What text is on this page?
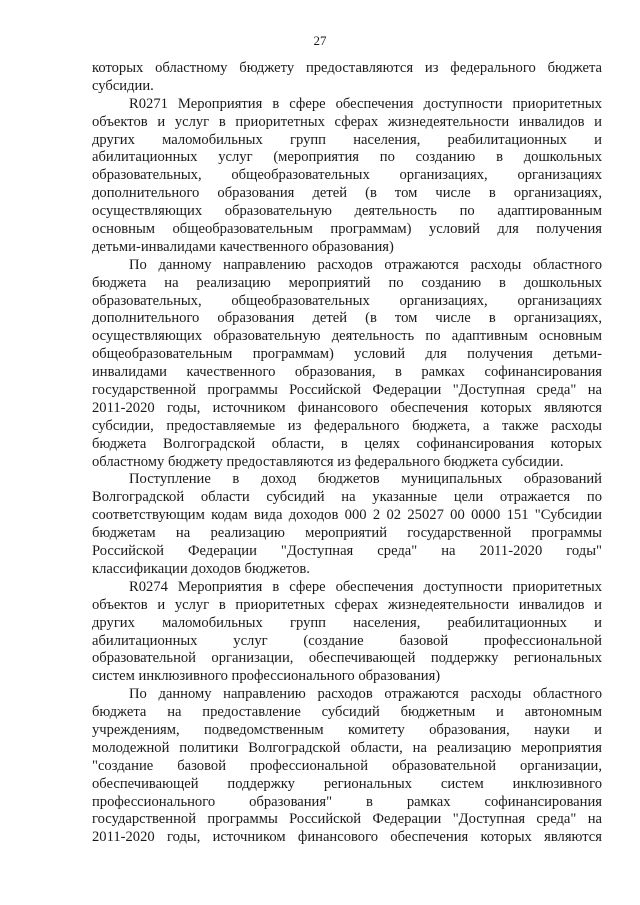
27
которых областному бюджету предоставляются из федерального бюджета
субсидии.
R0271 Мероприятия в сфере обеспечения доступности приоритетных
объектов и услуг в приоритетных сферах жизнедеятельности инвалидов и
других маломобильных групп населения, реабилитационных и
абилитационных услуг (мероприятия по созданию в дошкольных
образовательных, общеобразовательных организациях, организациях
дополнительного образования детей (в том числе в организациях,
осуществляющих образовательную деятельность по адаптированным
основным общеобразовательным программам) условий для получения
детьми-инвалидами качественного образования)
По данному направлению расходов отражаются расходы областного
бюджета на реализацию мероприятий по созданию в дошкольных
образовательных, общеобразовательных организациях, организациях
дополнительного образования детей (в том числе в организациях,
осуществляющих образовательную деятельность по адаптивным основным
общеобразовательным программам) условий для получения детьми-
инвалидами качественного образования, в рамках софинансирования
государственной программы Российской Федерации "Доступная среда" на
2011-2020 годы, источником финансового обеспечения которых являются
субсидии, предоставляемые из федерального бюджета, а также расходы
бюджета Волгоградской области, в целях софинансирования которых
областному бюджету предоставляются из федерального бюджета субсидии.
Поступление в доход бюджетов муниципальных образований
Волгоградской области субсидий на указанные цели отражается по
соответствующим кодам вида доходов 000 2 02 25027 00 0000 151 "Субсидии
бюджетам на реализацию мероприятий государственной программы
Российской Федерации "Доступная среда" на 2011-2020 годы"
классификации доходов бюджетов.
R0274 Мероприятия в сфере обеспечения доступности приоритетных
объектов и услуг в приоритетных сферах жизнедеятельности инвалидов и
других маломобильных групп населения, реабилитационных и
абилитационных услуг (создание базовой профессиональной
образовательной организации, обеспечивающей поддержку региональных
систем инклюзивного профессионального образования)
По данному направлению расходов отражаются расходы областного
бюджета на предоставление субсидий бюджетным и автономным
учреждениям, подведомственным комитету образования, науки и
молодежной политики Волгоградской области, на реализацию мероприятия
"создание базовой профессиональной образовательной организации,
обеспечивающей поддержку региональных систем инклюзивного
профессионального образования" в рамках софинансирования
государственной программы Российской Федерации "Доступная среда" на
2011-2020 годы, источником финансового обеспечения которых являются
